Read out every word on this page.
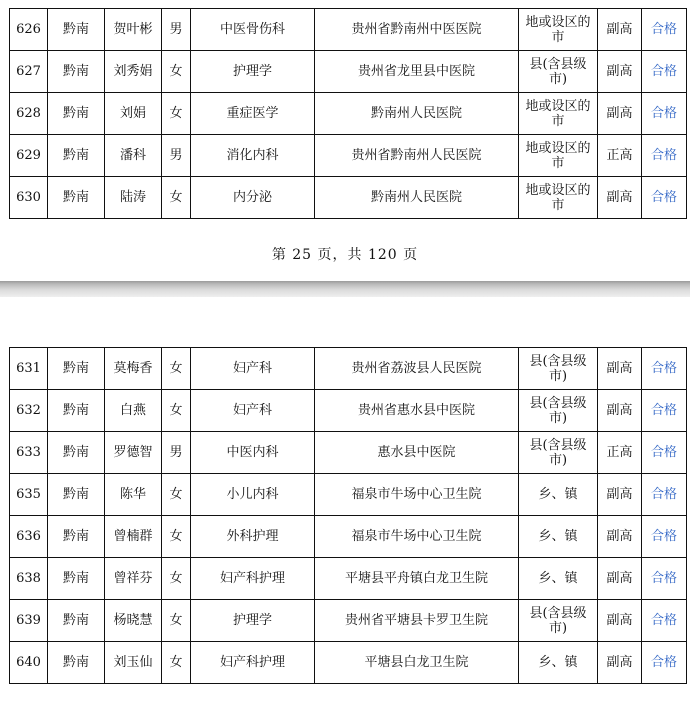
626	黔南	贺叶彬	男	中医骨伤科	贵州省黔南州中医医院	地或设区的市	副高	合格
627	黔南	刘秀娟	女	护理学	贵州省龙里县中医院	县(含县级市)	副高	合格
628	黔南	刘娟	女	重症医学	黔南州人民医院	地或设区的市	副高	合格
629	黔南	潘科	男	消化内科	贵州省黔南州人民医院	地或设区的市	正高	合格
630	黔南	陆涛	女	内分泌	黔南州人民医院	地或设区的市	副高	合格
第 25 页，共 120 页
631	黔南	莫梅香	女	妇产科	贵州省荔波县人民医院	县(含县级市)	副高	合格
632	黔南	白燕	女	妇产科	贵州省惠水县中医院	县(含县级市)	副高	合格
633	黔南	罗德智	男	中医内科	惠水县中医院	县(含县级市)	正高	合格
635	黔南	陈华	女	小儿内科	福泉市牛场中心卫生院	乡、镇	副高	合格
636	黔南	曾楠群	女	外科护理	福泉市牛场中心卫生院	乡、镇	副高	合格
638	黔南	曾祥芬	女	妇产科护理	平塘县平舟镇白龙卫生院	乡、镇	副高	合格
639	黔南	杨晓慧	女	护理学	贵州省平塘县卡罗卫生院	县(含县级市)	副高	合格
640	黔南	刘玉仙	女	妇产科护理	平塘县白龙卫生院	乡、镇	副高	合格
